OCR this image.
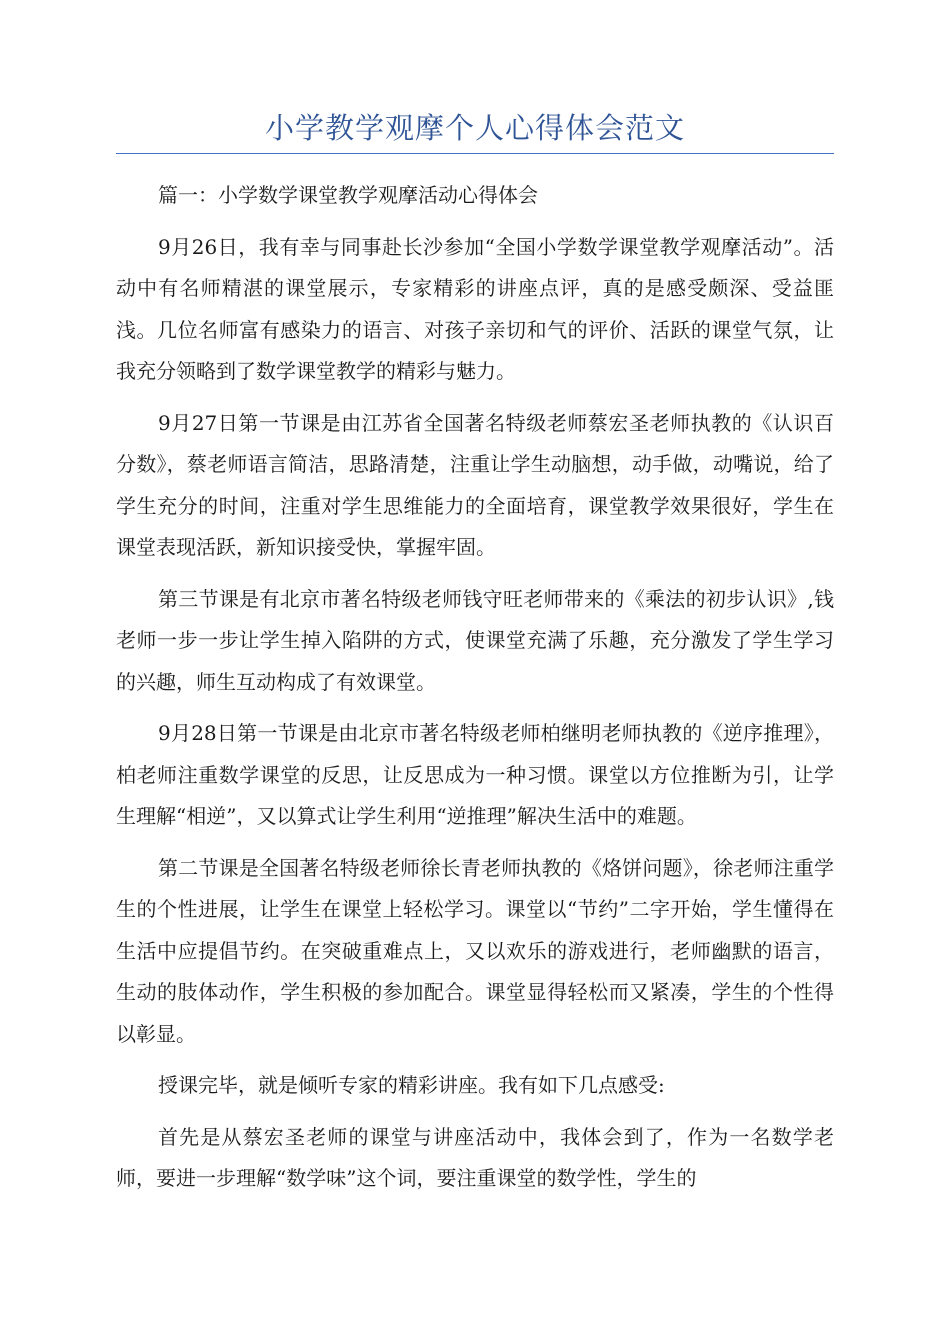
小学教学观摩个人心得体会范文

篇一：小学数学课堂教学观摩活动心得体会

9月26日，我有幸与同事赴长沙参加“全国小学数学课堂教学观摩活动”。活动中有名师精湛的课堂展示，专家精彩的讲座点评，真的是感受颇深、受益匪浅。几位名师富有感染力的语言、对孩子亲切和气的评价、活跃的课堂气氛，让我充分领略到了数学课堂教学的精彩与魅力。

9月27日第一节课是由江苏省全国著名特级老师蔡宏圣老师执教的《认识百分数》，蔡老师语言简洁，思路清楚，注重让学生动脑想，动手做，动嘴说，给了学生充分的时间，注重对学生思维能力的全面培育，课堂教学效果很好，学生在课堂表现活跃，新知识接受快，掌握牢固。

第三节课是有北京市著名特级老师钱守旺老师带来的《乘法的初步认识》,钱老师一步一步让学生掉入陷阱的方式，使课堂充满了乐趣，充分激发了学生学习的兴趣，师生互动构成了有效课堂。

9月28日第一节课是由北京市著名特级老师柏继明老师执教的《逆序推理》，柏老师注重数学课堂的反思，让反思成为一种习惯。课堂以方位推断为引，让学生理解“相逆”，又以算式让学生利用“逆推理”解决生活中的难题。

第二节课是全国著名特级老师徐长青老师执教的《烙饼问题》，徐老师注重学生的个性进展，让学生在课堂上轻松学习。课堂以“节约”二字开始，学生懂得在生活中应提倡节约。在突破重难点上，又以欢乐的游戏进行，老师幽默的语言，生动的肢体动作，学生积极的参加配合。课堂显得轻松而又紧凑，学生的个性得以彰显。

授课完毕，就是倾听专家的精彩讲座。我有如下几点感受:

首先是从蔡宏圣老师的课堂与讲座活动中，我体会到了，作为一名数学老师，要进一步理解“数学味”这个词，要注重课堂的数学性，学生的
